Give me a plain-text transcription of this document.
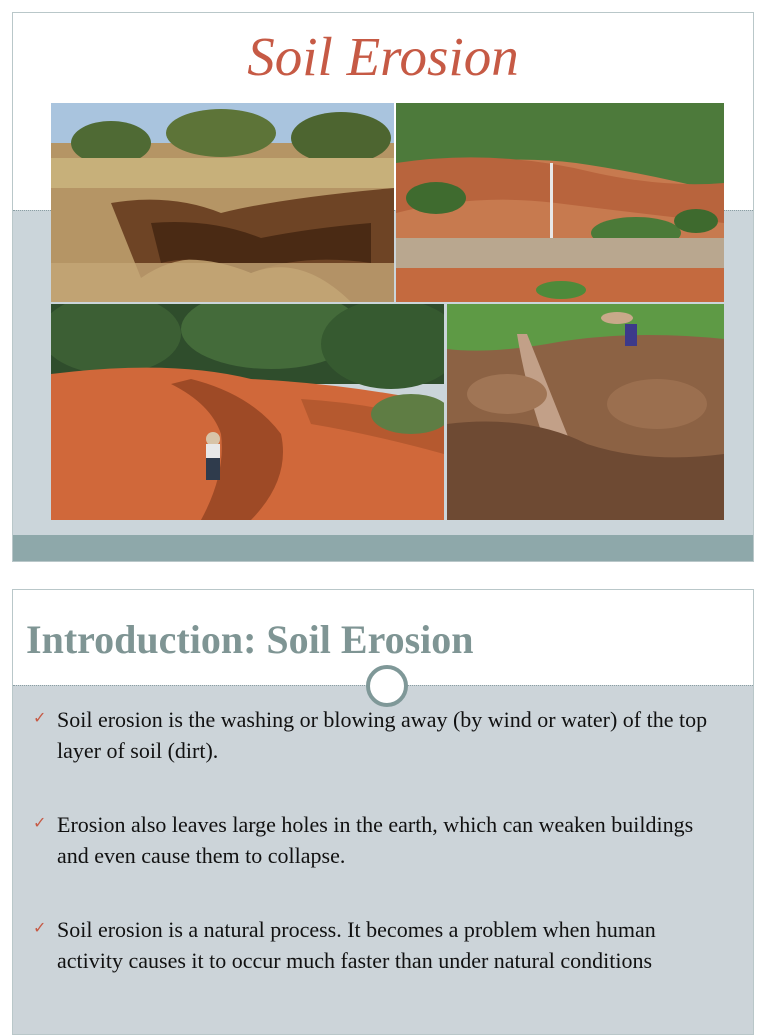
Soil Erosion
Introduction: Soil Erosion
✓ Soil erosion is the washing or blowing away (by wind or water) of the top layer of soil (dirt).
✓ Erosion also leaves large holes in the earth, which can weaken buildings and even cause them to collapse.
✓ Soil erosion is a natural process. It becomes a problem when human activity causes it to occur much faster than under natural conditions
